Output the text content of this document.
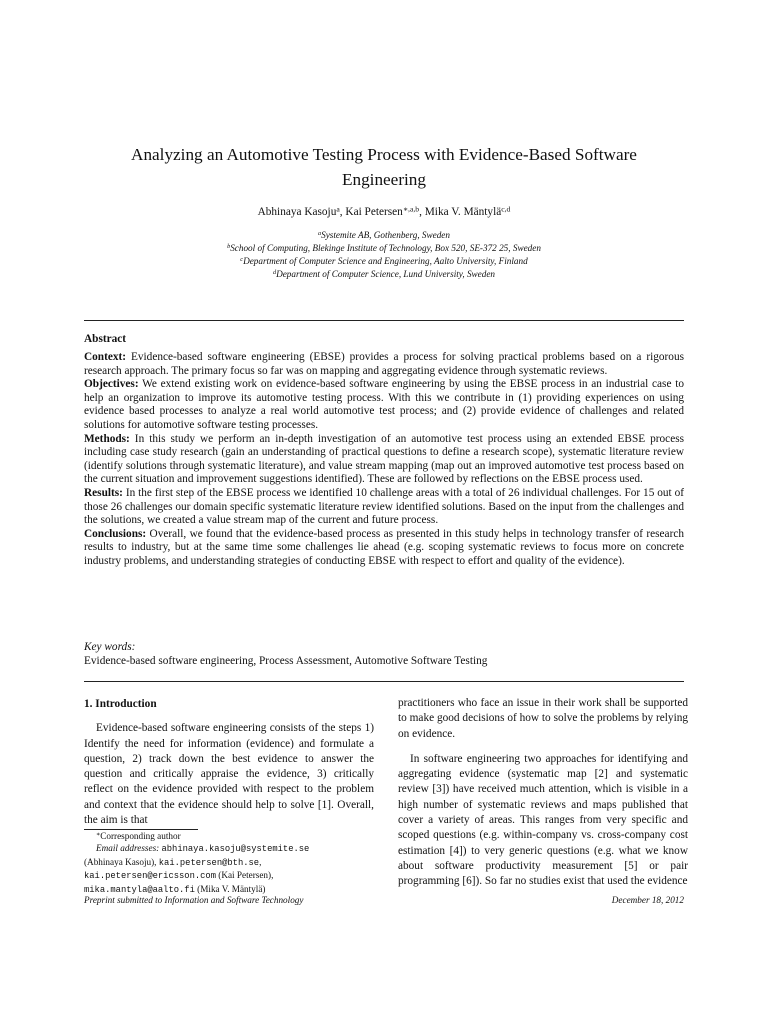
Analyzing an Automotive Testing Process with Evidence-Based Software Engineering
Abhinaya Kasoju$^a$, Kai Petersen$^{∗,a,b}$, Mika V. Mäntylä$^{c,d}$
$^a$Systemite AB, Gothenberg, Sweden
$^b$School of Computing, Blekinge Institute of Technology, Box 520, SE-372 25, Sweden
$^c$Department of Computer Science and Engineering, Aalto University, Finland
$^d$Department of Computer Science, Lund University, Sweden
Abstract

Context: Evidence-based software engineering (EBSE) provides a process for solving practical problems based on a rigorous research approach. The primary focus so far was on mapping and aggregating evidence through systematic reviews.

Objectives: We extend existing work on evidence-based software engineering by using the EBSE process in an industrial case to help an organization to improve its automotive testing process. With this we contribute in (1) providing experiences on using evidence based processes to analyze a real world automotive test process; and (2) provide evidence of challenges and related solutions for automotive software testing processes.

Methods: In this study we perform an in-depth investigation of an automotive test process using an extended EBSE process including case study research (gain an understanding of practical questions to define a research scope), systematic literature review (identify solutions through systematic literature), and value stream mapping (map out an improved automotive test process based on the current situation and improvement suggestions identified). These are followed by reflections on the EBSE process used.

Results: In the first step of the EBSE process we identified 10 challenge areas with a total of 26 individual challenges. For 15 out of those 26 challenges our domain specific systematic literature review identified solutions. Based on the input from the challenges and the solutions, we created a value stream map of the current and future process.

Conclusions: Overall, we found that the evidence-based process as presented in this study helps in technology transfer of research results to industry, but at the same time some challenges lie ahead (e.g. scoping systematic reviews to focus more on concrete industry problems, and understanding strategies of conducting EBSE with respect to effort and quality of the evidence).

Key words:
Evidence-based software engineering, Process Assessment, Automotive Software Testing

1. Introduction

Evidence-based software engineering consists of the steps 1) Identify the need for information (evidence) and formulate a question, 2) track down the best evidence to answer the question and critically appraise the evidence, 3) critically reflect on the evidence provided with respect to the problem and context that the evidence should help to solve [1]. Overall, the aim is that

practitioners who face an issue in their work shall be supported to make good decisions of how to solve the problems by relying on evidence.

In software engineering two approaches for identifying and aggregating evidence (systematic map [2] and systematic review [3]) have received much attention, which is visible in a high number of systematic reviews and maps published that cover a variety of areas. This ranges from very specific and scoped questions (e.g. within-company vs. cross-company cost estimation [4]) to very generic questions (e.g. what we know about software productivity measurement [5] or pair programming [6]). So far no studies exist that used the evidence

∗Corresponding author
Email addresses: abhinaya.kasoju@systemite.se
(Abhinaya Kasoju), kai.petersen@bth.se,
kai.petersen@ericsson.com (Kai Petersen),
mika.mantyla@aalto.fi (Mika V. Mäntylä)
Preprint submitted to Information and Software Technology	December 18, 2012
